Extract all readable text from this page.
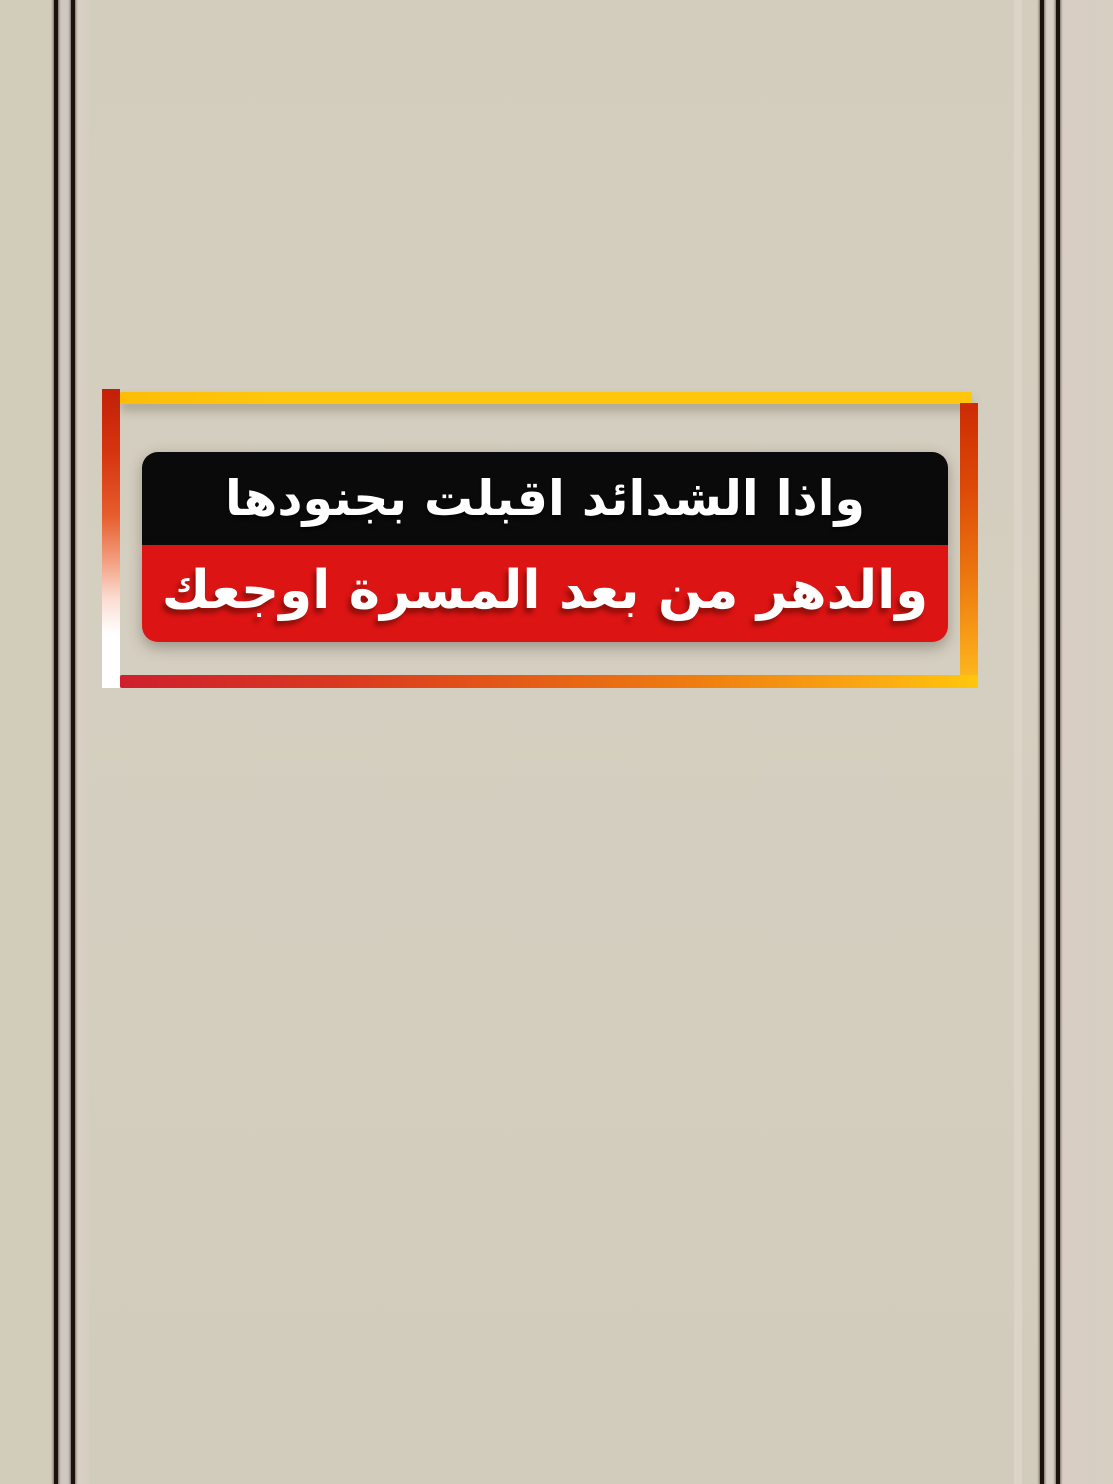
واذا الشدائد اقبلت بجنودها

والدهر من بعد المسرة اوجعك
